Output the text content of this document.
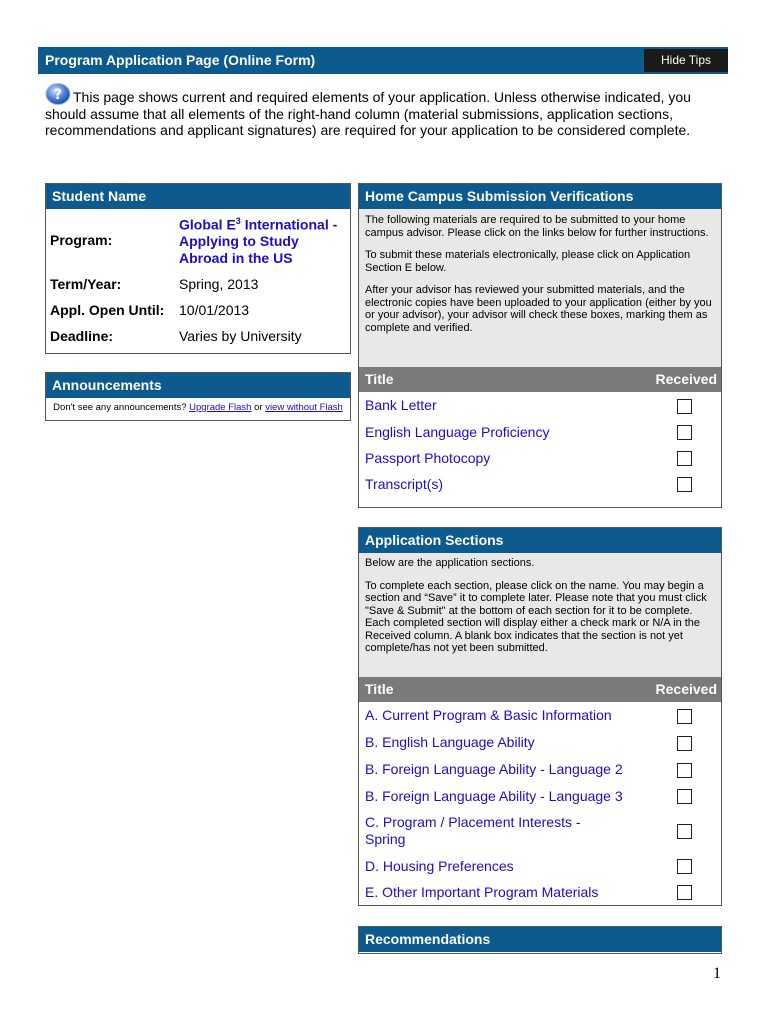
Program Application Page (Online Form)	Hide Tips
? This page shows current and required elements of your application. Unless otherwise indicated, you should assume that all elements of the right-hand column (material submissions, application sections, recommendations and applicant signatures) are required for your application to be considered complete.
Student Name
Program:	Global $E^3$ International - Applying to Study Abroad in the US
Term/Year:	Spring, 2013
Appl. Open Until:	10/01/2013
Deadline:	Varies by University
Announcements
Don't see any announcements? Upgrade Flash or view without Flash
Home Campus Submission Verifications

The following materials are required to be submitted to your home campus advisor. Please click on the links below for further instructions.

To submit these materials electronically, please click on Application Section E below.

After your advisor has reviewed your submitted materials, and the electronic copies have been uploaded to your application (either by you or your advisor), your advisor will check these boxes, marking them as complete and verified.

Title	Received
Bank Letter
English Language Proficiency
Passport Photocopy
Transcript(s)
Application Sections

Below are the application sections.

To complete each section, please click on the name. You may begin a section and “Save” it to complete later. Please note that you must click "Save & Submit" at the bottom of each section for it to be complete. Each completed section will display either a check mark or N/A in the Received column. A blank box indicates that the section is not yet complete/has not yet been submitted.

Title	Received
A. Current Program & Basic Information
B. English Language Ability
B. Foreign Language Ability - Language 2
B. Foreign Language Ability - Language 3
C. Program / Placement Interests - Spring
D. Housing Preferences
E. Other Important Program Materials
Recommendations
1
